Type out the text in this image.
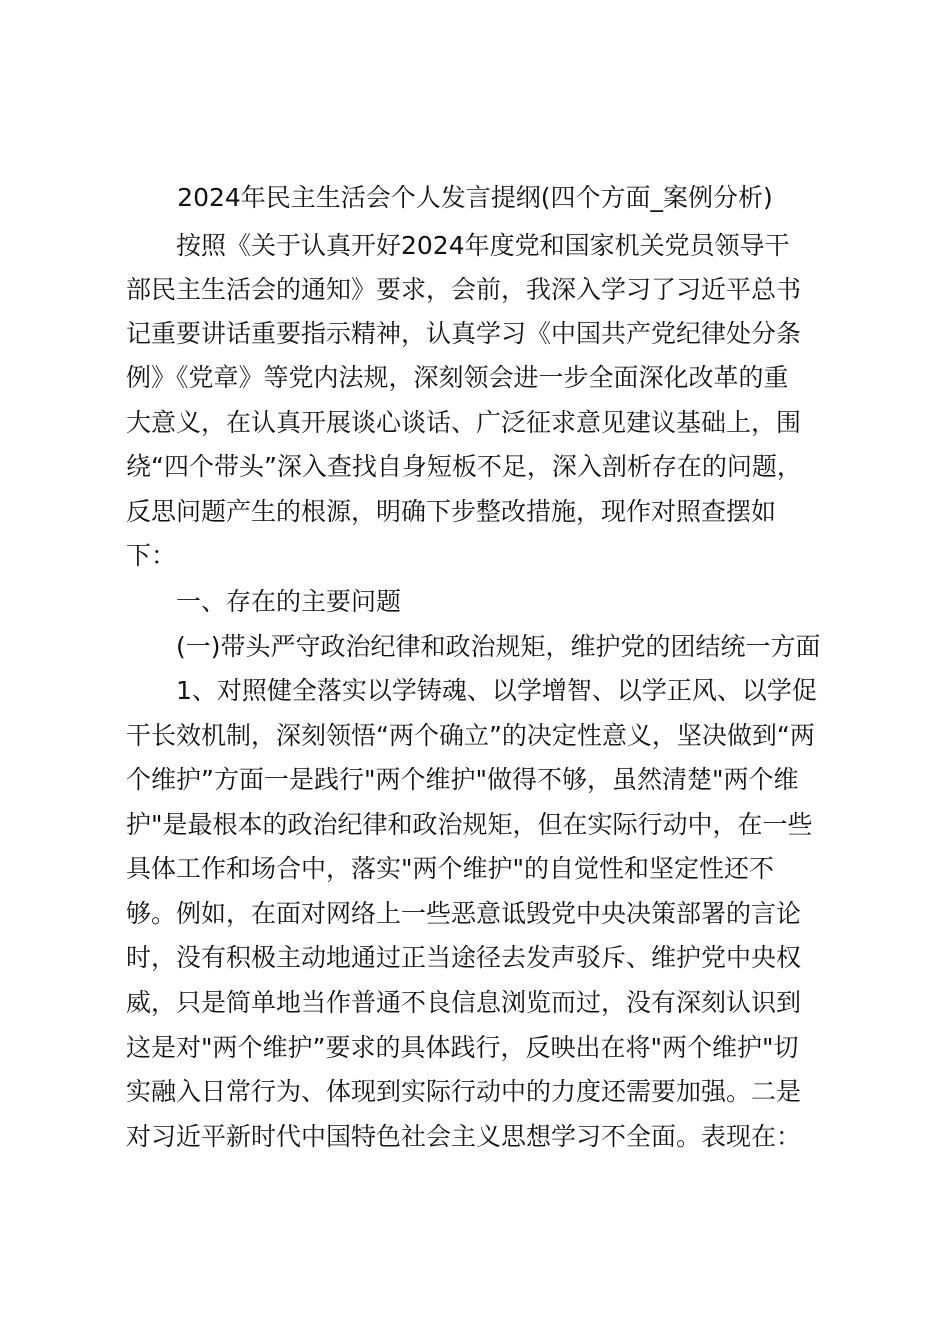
2024年民主生活会个人发言提纲(四个方面_案例分析)

按照《关于认真开好2024年度党和国家机关党员领导干

部民主生活会的通知》要求，会前，我深入学习了习近平总书

记重要讲话重要指示精神，认真学习《中国共产党纪律处分条

例》《党章》等党内法规，深刻领会进一步全面深化改革的重

大意义，在认真开展谈心谈话、广泛征求意见建议基础上，围

绕“四个带头”深入查找自身短板不足，深入剖析存在的问题，

反思问题产生的根源，明确下步整改措施，现作对照查摆如

下：

一、存在的主要问题

(一)带头严守政治纪律和政治规矩，维护党的团结统一方面

1、对照健全落实以学铸魂、以学增智、以学正风、以学促

干长效机制，深刻领悟“两个确立”的决定性意义，坚决做到“两

个维护”方面一是践行"两个维护"做得不够，虽然清楚"两个维

护"是最根本的政治纪律和政治规矩，但在实际行动中，在一些

具体工作和场合中，落实"两个维护"的自觉性和坚定性还不

够。例如，在面对网络上一些恶意诋毁党中央决策部署的言论

时，没有积极主动地通过正当途径去发声驳斥、维护党中央权

威，只是简单地当作普通不良信息浏览而过，没有深刻认识到

这是对"两个维护”要求的具体践行，反映出在将"两个维护"切

实融入日常行为、体现到实际行动中的力度还需要加强。二是

对习近平新时代中国特色社会主义思想学习不全面。表现在：
